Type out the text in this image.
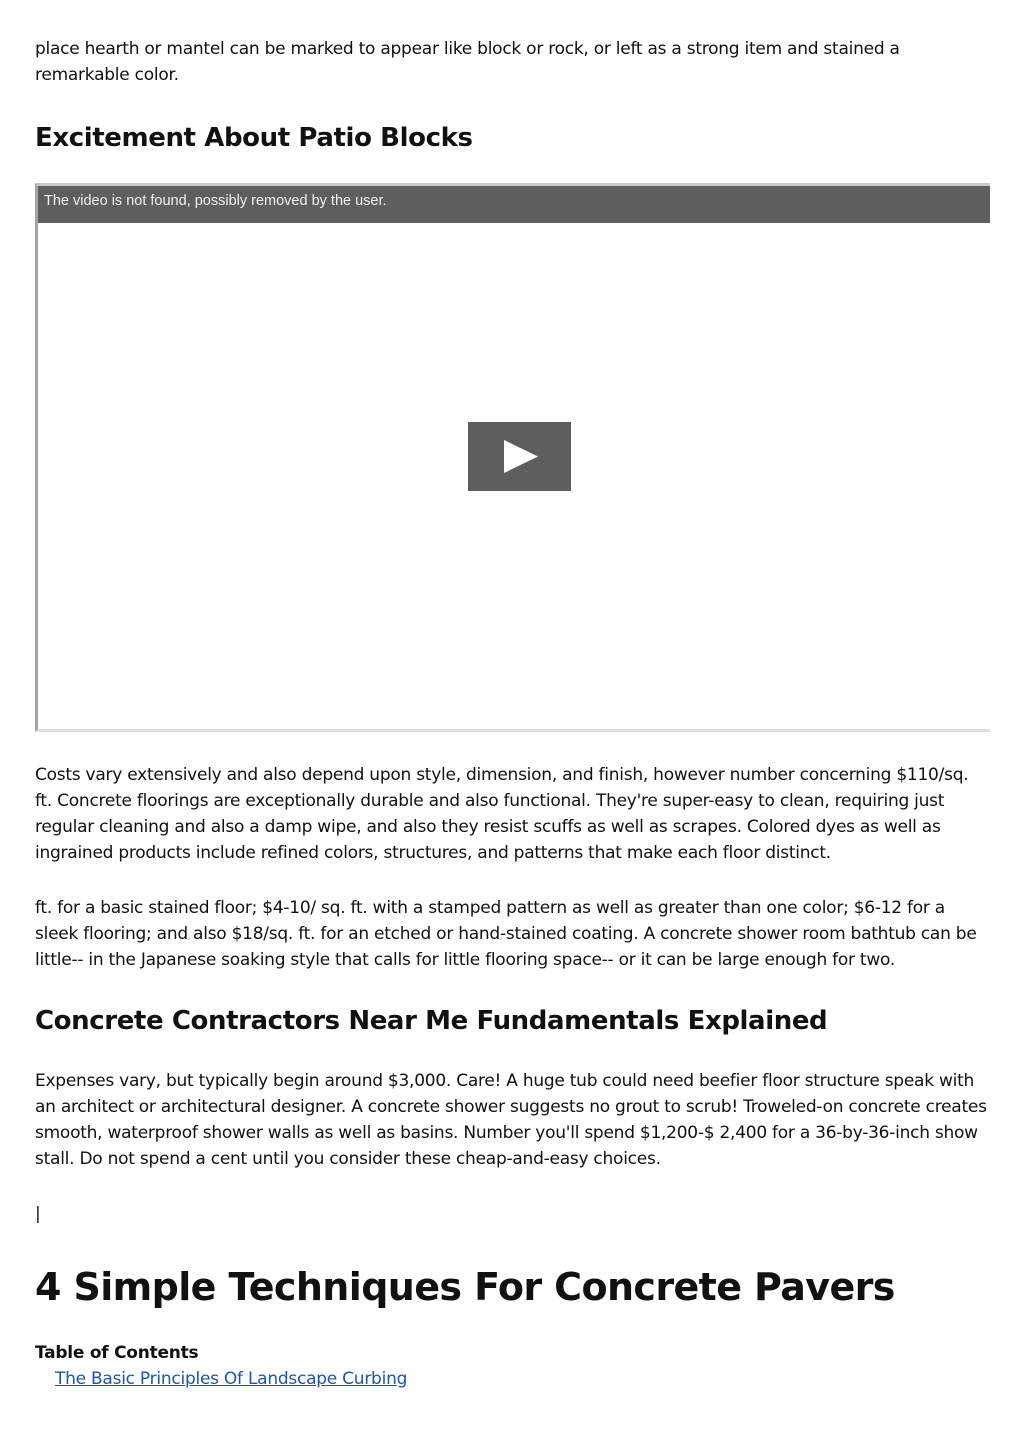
place hearth or mantel can be marked to appear like block or rock, or left as a strong item and stained a remarkable color.

Excitement About Patio Blocks
The video is not found, possibly removed by the user.

Costs vary extensively and also depend upon style, dimension, and finish, however number concerning $110/sq. ft. Concrete floorings are exceptionally durable and also functional. They're super-easy to clean, requiring just regular cleaning and also a damp wipe, and also they resist scuffs as well as scrapes. Colored dyes as well as ingrained products include refined colors, structures, and patterns that make each floor distinct.

ft. for a basic stained floor; $4-10/ sq. ft. with a stamped pattern as well as greater than one color; $6-12 for a sleek flooring; and also $18/sq. ft. for an etched or hand-stained coating. A concrete shower room bathtub can be little-- in the Japanese soaking style that calls for little flooring space-- or it can be large enough for two.

Concrete Contractors Near Me Fundamentals Explained

Expenses vary, but typically begin around $3,000. Care! A huge tub could need beefier floor structure speak with an architect or architectural designer. A concrete shower suggests no grout to scrub! Troweled-on concrete creates smooth, waterproof shower walls as well as basins. Number you'll spend $1,200-$ 2,400 for a 36-by-36-inch show stall. Do not spend a cent until you consider these cheap-and-easy choices.

|
4 Simple Techniques For Concrete Pavers
Table of Contents
The Basic Principles Of Landscape Curbing
